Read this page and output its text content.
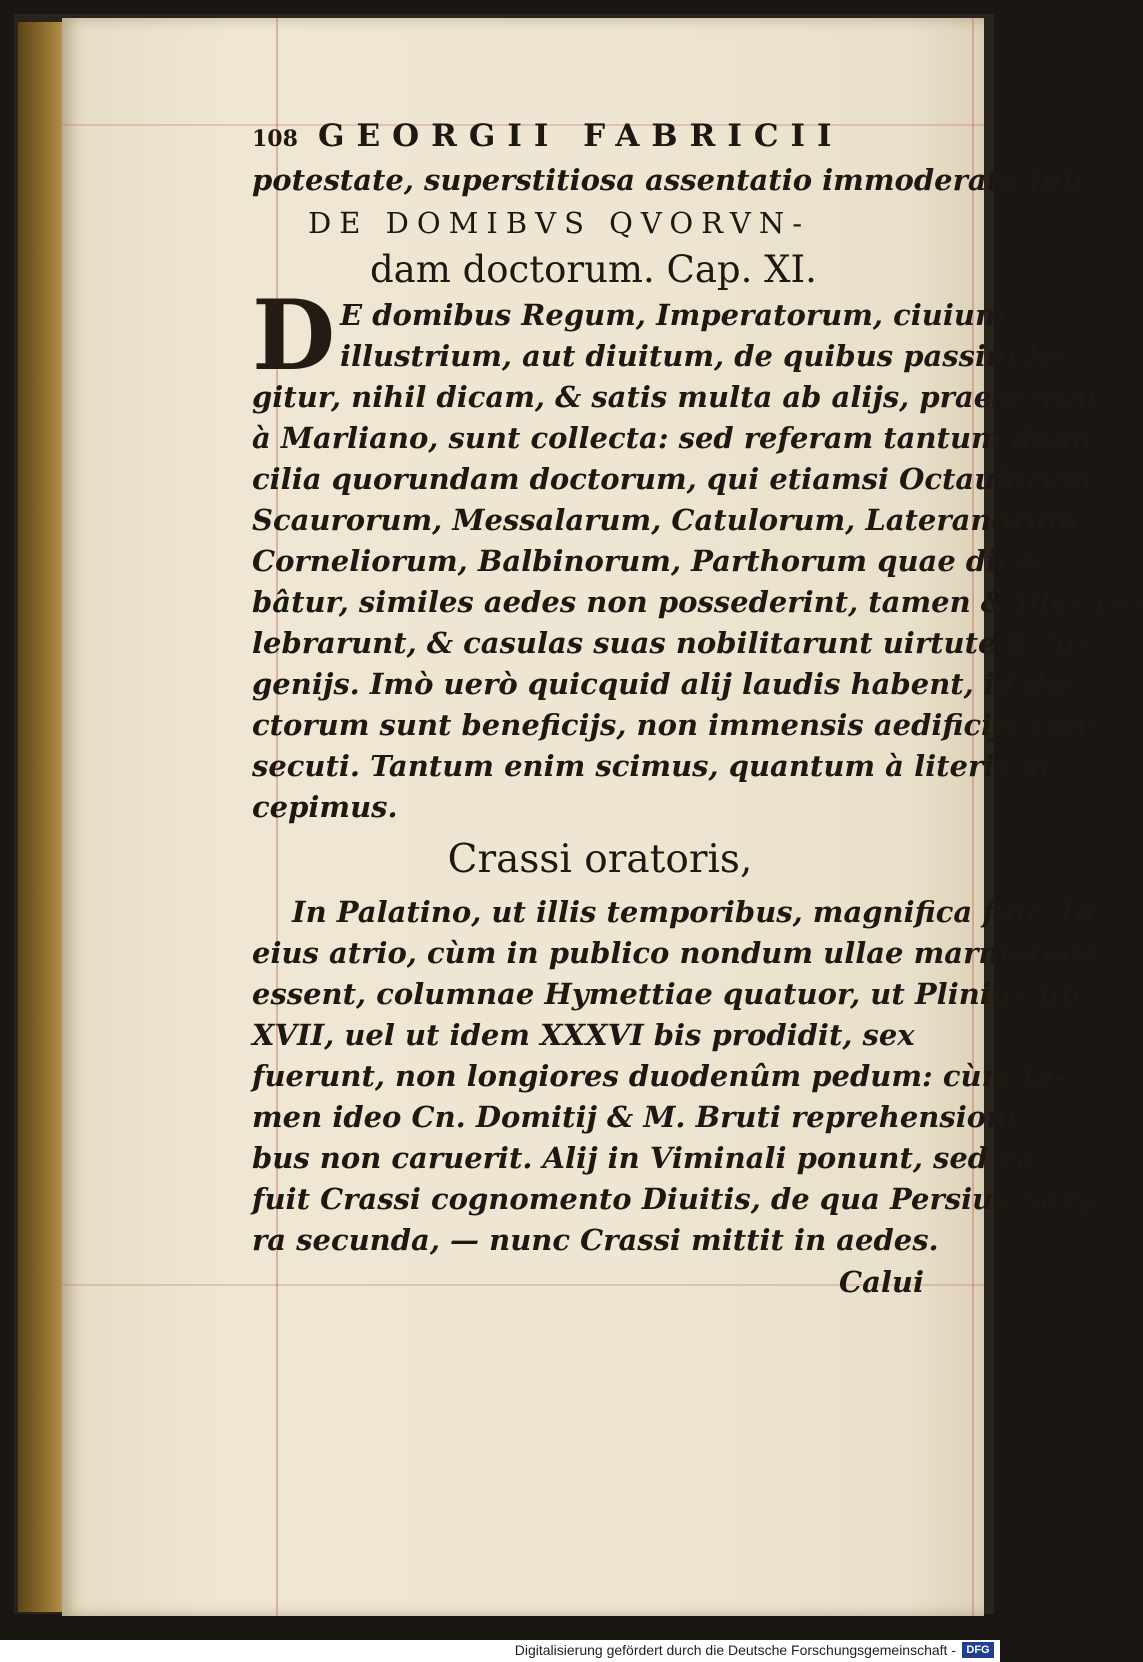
108 GEORGII FABRICII
potestate, superstitiosa assentatio immoderata fuit.
DE DOMIBVS QVORVN-
dam doctorum. Cap. XI.
D E domibus Regum, Imperatorum, ciuium
illustrium, aut diuitum, de quibus passim le-
gitur, nihil dicam, & satis multa ab alijs, praesertim
à Marliano, sunt collecta: sed referam tantum domi-
cilia quorundam doctorum, qui etiamsi Octauiorum,
Scaurorum, Messalarum, Catulorum, Lateranorum,
Corneliorum, Balbinorum, Parthorum quae dice-
bâtur, similes aedes non possederint, tamen & illas ce-
lebrarunt, & casulas suas nobilitarunt uirtute & in-
genijs. Imò uerò quicquid alij laudis habent, id do-
ctorum sunt beneficijs, non immensis aedificijs con-
secuti. Tantum enim scimus, quantum à literis ac-
cepimus.
Crassi oratoris,
In Palatino, ut illis temporibus, magnifica fuit. In
eius atrio, cùm in publico nondum ullae marmoreae
essent, columnae Hymettiae quatuor, ut Plinius lib.
XVII, uel ut idem XXXVI bis prodidit, sex
fuerunt, non longiores duodenûm pedum: cùm ta-
men ideo Cn. Domitij & M. Bruti reprehensioni-
bus non caruerit. Alij in Viminali ponunt, sed ea
fuit Crassi cognomento Diuitis, de qua Persius Saty-
ra secunda, — nunc Crassi mittit in aedes.
Calui
Digitalisierung gefördert durch die Deutsche Forschungsgemeinschaft - DFG
